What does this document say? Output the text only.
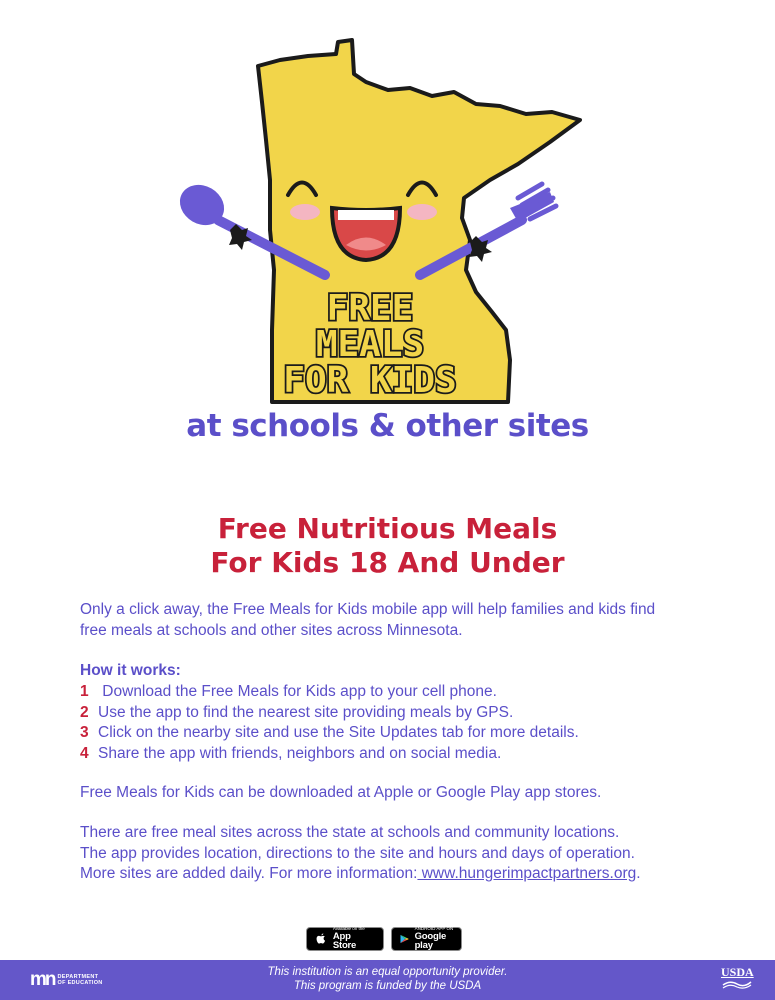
FREE
MEALS
FOR KIDS
at schools & other sites
Free Nutritious Meals
For Kids 18 And Under
Only a click away, the Free Meals for Kids mobile app will help families and kids find
free meals at schools and other sites across Minnesota.
How it works:
1 Download the Free Meals for Kids app to your cell phone.
2 Use the app to find the nearest site providing meals by GPS.
3 Click on the nearby site and use the Site Updates tab for more details.
4 Share the app with friends, neighbors and on social media.
Free Meals for Kids can be downloaded at Apple or Google Play app stores.
There are free meal sites across the state at schools and community locations.
The app provides location, directions to the site and hours and days of operation.
More sites are added daily. For more information: www.hungerimpactpartners.org.
Available on the
App Store
ANDROID APP ON
Google play
mn DEPARTMENT
OF EDUCATION
This institution is an equal opportunity provider.
This program is funded by the USDA
USDA
